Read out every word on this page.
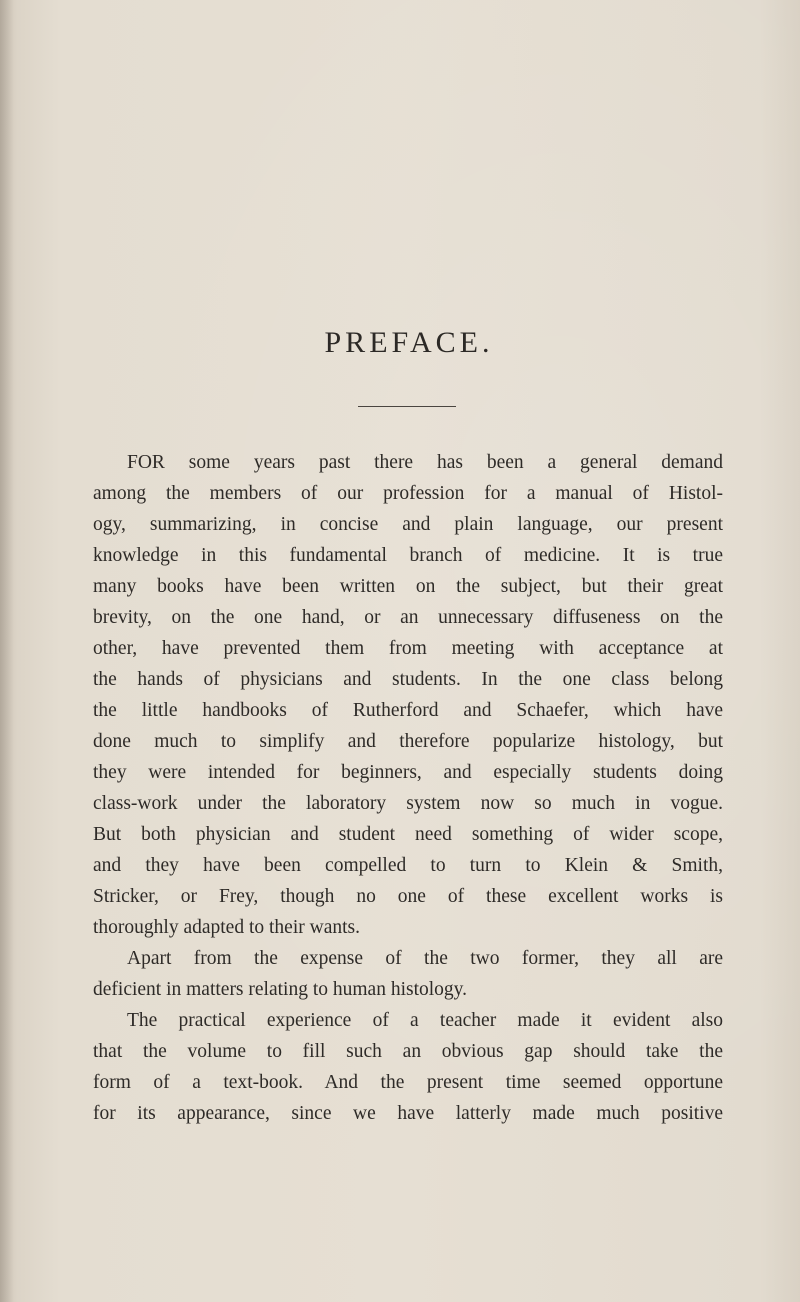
PREFACE.
FOR some years past there has been a general demand
among the members of our profession for a manual of Histol-
ogy, summarizing, in concise and plain language, our present
knowledge in this fundamental branch of medicine. It is true
many books have been written on the subject, but their great
brevity, on the one hand, or an unnecessary diffuseness on the
other, have prevented them from meeting with acceptance at
the hands of physicians and students. In the one class belong
the little handbooks of Rutherford and Schaefer, which have
done much to simplify and therefore popularize histology, but
they were intended for beginners, and especially students doing
class-work under the laboratory system now so much in vogue.
But both physician and student need something of wider scope,
and they have been compelled to turn to Klein & Smith,
Stricker, or Frey, though no one of these excellent works is
thoroughly adapted to their wants.
Apart from the expense of the two former, they all are
deficient in matters relating to human histology.
The practical experience of a teacher made it evident also
that the volume to fill such an obvious gap should take the
form of a text-book. And the present time seemed opportune
for its appearance, since we have latterly made much positive
